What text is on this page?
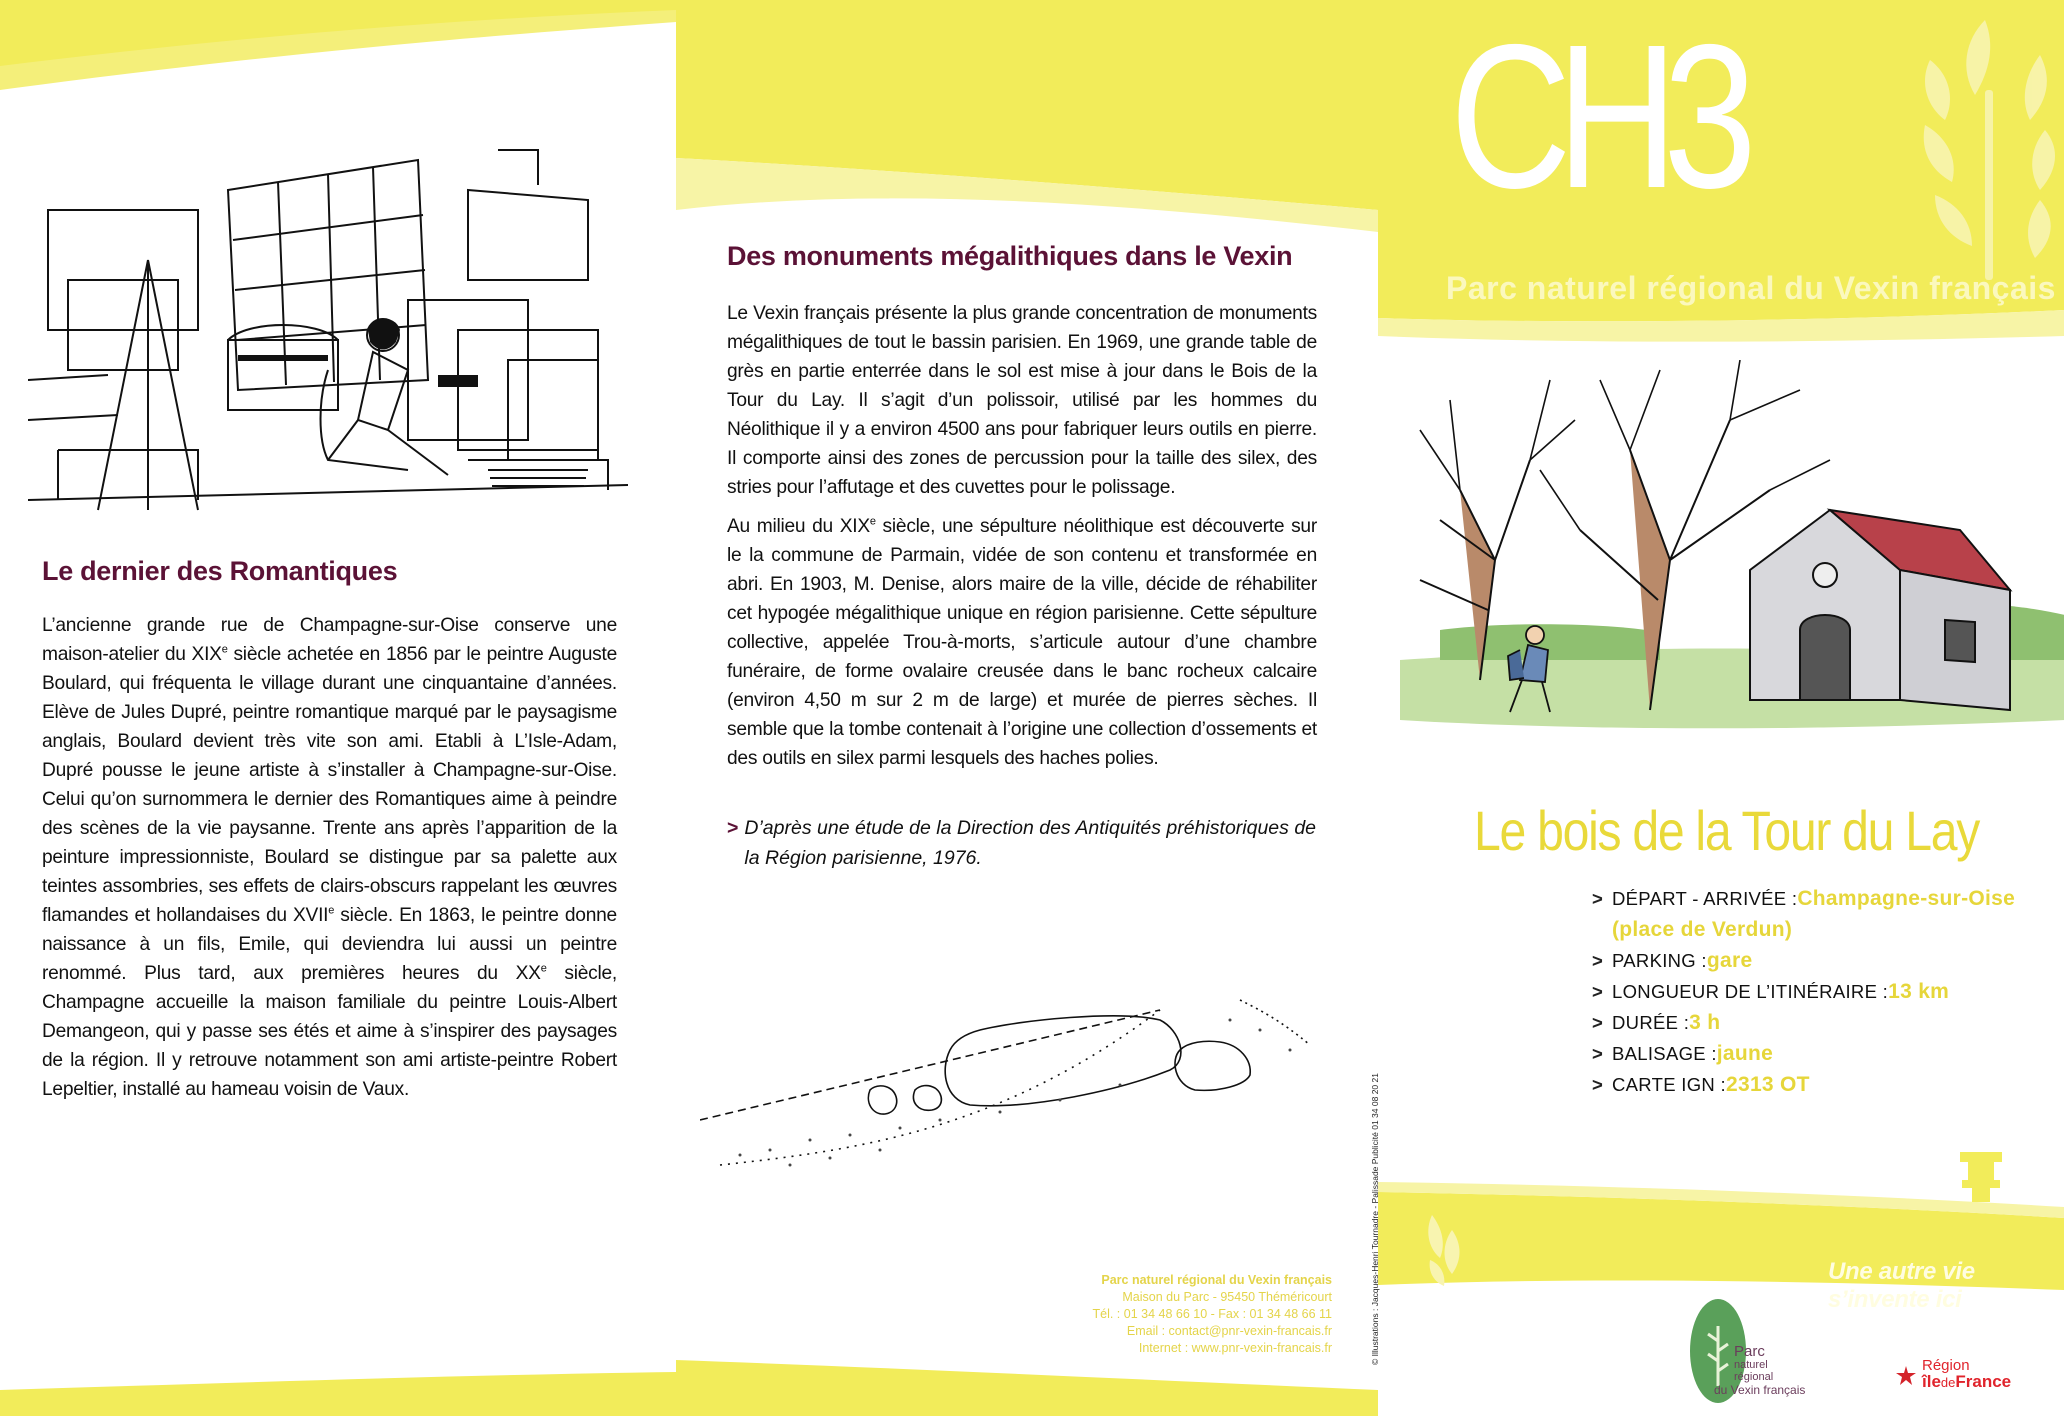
Le dernier des Romantiques
L’ancienne grande rue de Champagne-sur-Oise conserve une maison-atelier du XIXe siècle achetée en 1856 par le peintre Auguste Boulard, qui fréquenta le village durant une cinquantaine d’années. Elève de Jules Dupré, peintre romantique marqué par le paysagisme anglais, Boulard devient très vite son ami. Etabli à L’Isle-Adam, Dupré pousse le jeune artiste à s’installer à Champagne-sur-Oise. Celui qu’on surnommera le dernier des Romantiques aime à peindre des scènes de la vie paysanne. Trente ans après l’apparition de la peinture impressionniste, Boulard se distingue par sa palette aux teintes assombries, ses effets de clairs-obscurs rappelant les œuvres flamandes et hollandaises du XVIIe siècle. En 1863, le peintre donne naissance à un fils, Emile, qui deviendra lui aussi un peintre renommé. Plus tard, aux premières heures du XXe siècle, Champagne accueille la maison familiale du peintre Louis-Albert Demangeon, qui y passe ses étés et aime à s’inspirer des paysages de la région. Il y retrouve notamment son ami artiste-peintre Robert Lepeltier, installé au hameau voisin de Vaux.
Des monuments mégalithiques dans le Vexin

Le Vexin français présente la plus grande concentration de monuments mégalithiques de tout le bassin parisien. En 1969, une grande table de grès en partie enterrée dans le sol est mise à jour dans le Bois de la Tour du Lay. Il s’agit d’un polissoir, utilisé par les hommes du Néolithique il y a environ 4500 ans pour fabriquer leurs outils en pierre. Il comporte ainsi des zones de percussion pour la taille des silex, des stries pour l’affutage et des cuvettes pour le polissage.

Au milieu du XIXe siècle, une sépulture néolithique est découverte sur le la commune de Parmain, vidée de son contenu et transformée en abri. En 1903, M. Denise, alors maire de la ville, décide de réhabiliter cet hypogée mégalithique unique en région parisienne. Cette sépulture collective, appelée Trou-à-morts, s’articule autour d’une chambre funéraire, de forme ovalaire creusée dans le banc rocheux calcaire (environ 4,50 m sur 2 m de large) et murée de pierres sèches. Il semble que la tombe contenait à l’origine une collection d’ossements et des outils en silex parmi lesquels des haches polies.

> D’après une étude de la Direction des Antiquités préhistoriques de la Région parisienne, 1976.
© Illustrations : Jacques-Henri Tournadre - Palissade Publicité 01 34 08 20 21
Parc naturel régional du Vexin français
Maison du Parc - 95450 Théméricourt
Tél. : 01 34 48 66 10 - Fax : 01 34 48 66 11
Email : contact@pnr-vexin-francais.fr
Internet : www.pnr-vexin-francais.fr
CH3
Parc naturel régional du Vexin français
Le bois de la Tour du Lay
> DÉPART - ARRIVÉE : Champagne-sur-Oise
(place de Verdun)
> PARKING : gare
> LONGUEUR DE L’ITINÉRAIRE : 13 km
> DURÉE : 3 h
> BALISAGE : jaune
> CARTE IGN : 2313 OT
Une autre vie s’invente ici
Parc
naturel
régional
du Vexin français
Région
îledeFrance
